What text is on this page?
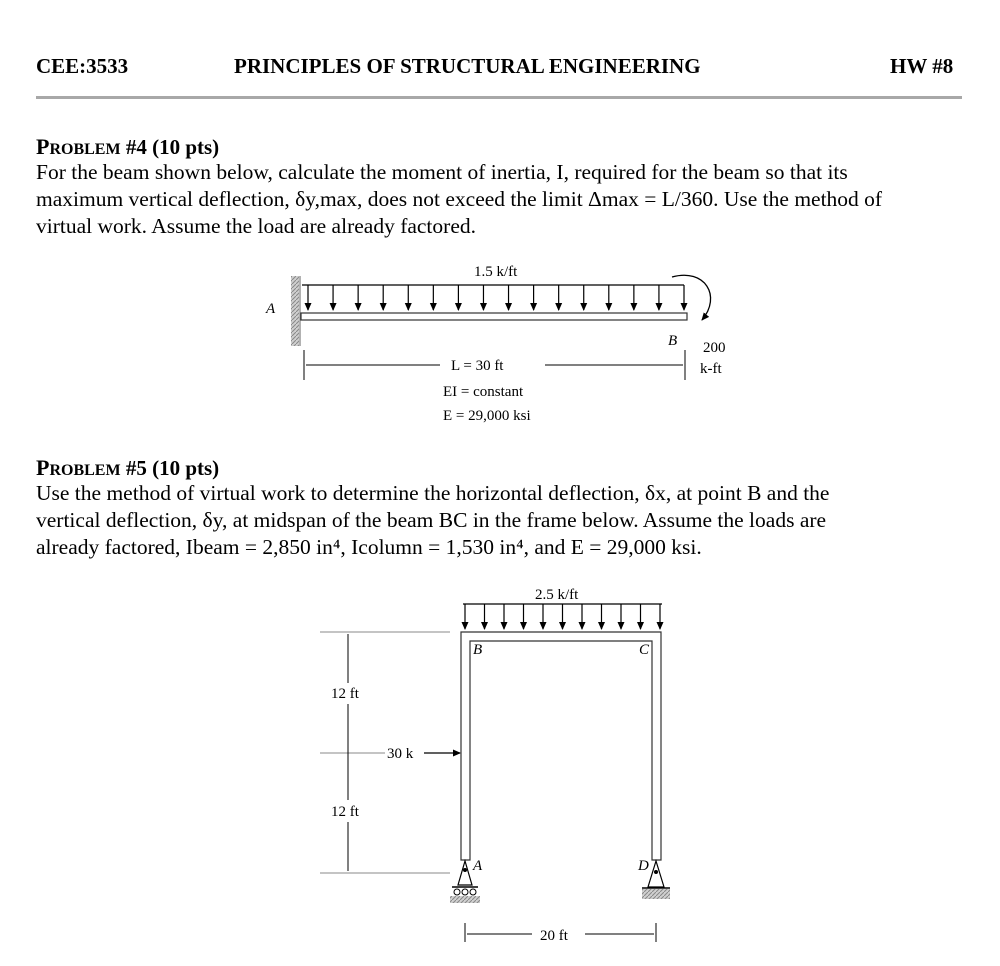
CEE:3533	PRINCIPLES OF STRUCTURAL ENGINEERING	HW #8
PROBLEM #4 (10 pts)
For the beam shown below, calculate the moment of inertia, I, required for the beam so that its
maximum vertical deflection, δy,max, does not exceed the limit Δmax = L/360. Use the method of
virtual work. Assume the load are already factored.
PROBLEM #5 (10 pts)
Use the method of virtual work to determine the horizontal deflection, δx, at point B and the
vertical deflection, δy, at midspan of the beam BC in the frame below. Assume the loads are
already factored, Ibeam = 2,850 in⁴, Icolumn = 1,530 in⁴, and E = 29,000 ksi.
1.5 k/ft
A
B 200
k-ft
L = 30 ft
EI = constant
E = 29,000 ksi
2.5 k/ft
B	C
A	D
12 ft
12 ft
30 k
20 ft
